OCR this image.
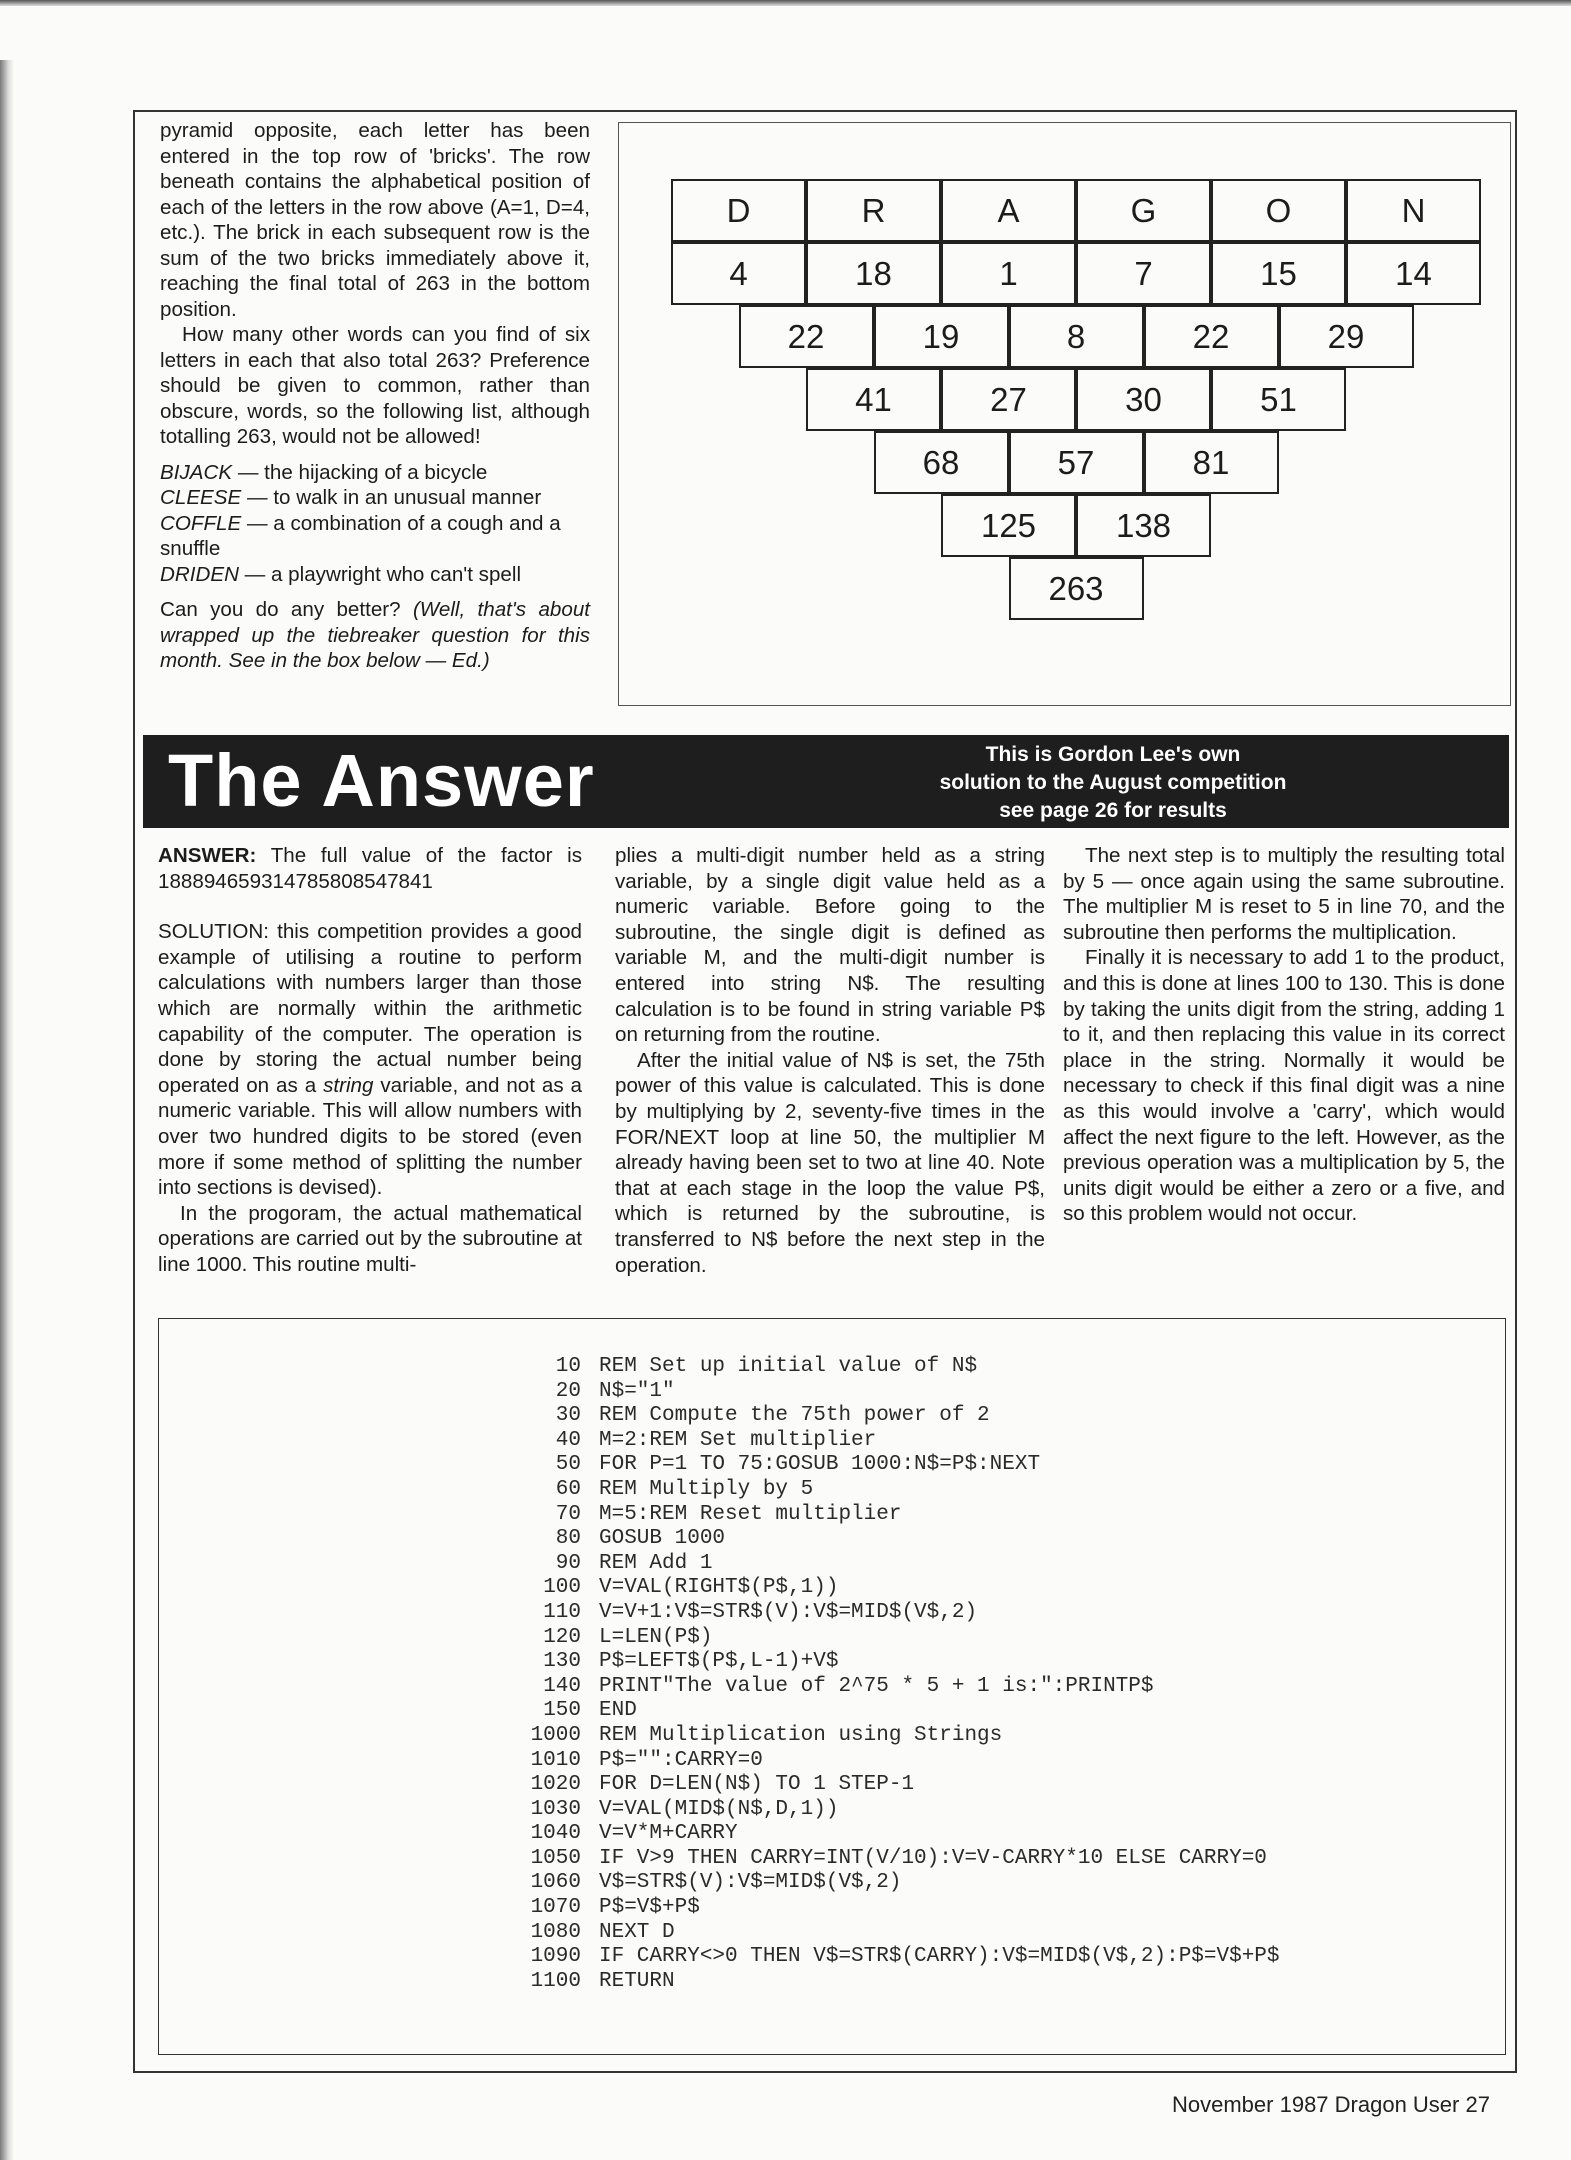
pyramid opposite, each letter has been entered in the top row of 'bricks'. The row beneath contains the alphabetical position of each of the letters in the row above (A=1, D=4, etc.). The brick in each subsequent row is the sum of the two bricks immediately above it, reaching the final total of 263 in the bottom position.

How many other words can you find of six letters in each that also total 263? Preference should be given to common, rather than obscure, words, so the following list, although totalling 263, would not be allowed!

BIJACK — the hijacking of a bicycle
CLEESE — to walk in an unusual manner
COFFLE — a combination of a cough and a snuffle
DRIDEN — a playwright who can't spell

Can you do any better? (Well, that's about wrapped up the tiebreaker question for this month. See in the box below — Ed.)

D	R	A	G	O	N
4	18	1	7	15	14
22	19	8	22	29
41	27	30	51
68	57	81
125	138
263
The Answer	This is Gordon Lee's own
solution to the August competition
see page 26 for results

ANSWER: The full value of the factor is 188894659314785808547841

SOLUTION: this competition provides a good example of utilising a routine to perform calculations with numbers larger than those which are normally within the arithmetic capability of the computer. The operation is done by storing the actual number being operated on as a string variable, and not as a numeric variable. This will allow numbers with over two hundred digits to be stored (even more if some method of splitting the number into sections is devised).

In the progoram, the actual mathematical operations are carried out by the subroutine at line 1000. This routine multi-

plies a multi-digit number held as a string variable, by a single digit value held as a numeric variable. Before going to the subroutine, the single digit is defined as variable M, and the multi-digit number is entered into string N$. The resulting calculation is to be found in string variable P$ on returning from the routine.

After the initial value of N$ is set, the 75th power of this value is calculated. This is done by multiplying by 2, seventy-five times in the FOR/NEXT loop at line 50, the multiplier M already having been set to two at line 40. Note that at each stage in the loop the value P$, which is returned by the subroutine, is transferred to N$ before the next step in the operation.

The next step is to multiply the resulting total by 5 — once again using the same subroutine. The multiplier M is reset to 5 in line 70, and the subroutine then performs the multiplication.

Finally it is necessary to add 1 to the product, and this is done at lines 100 to 130. This is done by taking the units digit from the string, adding 1 to it, and then replacing this value in its correct place in the string. Normally it would be necessary to check if this final digit was a nine as this would involve a 'carry', which would affect the next figure to the left. However, as the previous operation was a multiplication by 5, the units digit would be either a zero or a five, and so this problem would not occur.

10 REM Set up initial value of N$
20 N$="1"
30 REM Compute the 75th power of 2
40 M=2:REM Set multiplier
50 FOR P=1 TO 75:GOSUB 1000:N$=P$:NEXT
60 REM Multiply by 5
70 M=5:REM Reset multiplier
80 GOSUB 1000
90 REM Add 1
100 V=VAL(RIGHT$(P$,1))
110 V=V+1:V$=STR$(V):V$=MID$(V$,2)
120 L=LEN(P$)
130 P$=LEFT$(P$,L-1)+V$
140 PRINT"The value of 2^75 * 5 + 1 is:":PRINTP$
150 END
1000 REM Multiplication using Strings
1010 P$="":CARRY=0
1020 FOR D=LEN(N$) TO 1 STEP-1
1030 V=VAL(MID$(N$,D,1))
1040 V=V*M+CARRY
1050 IF V>9 THEN CARRY=INT(V/10):V=V-CARRY*10 ELSE CARRY=0
1060 V$=STR$(V):V$=MID$(V$,2)
1070 P$=V$+P$
1080 NEXT D
1090 IF CARRY<>0 THEN V$=STR$(CARRY):V$=MID$(V$,2):P$=V$+P$
1100 RETURN
November 1987 Dragon User 27
